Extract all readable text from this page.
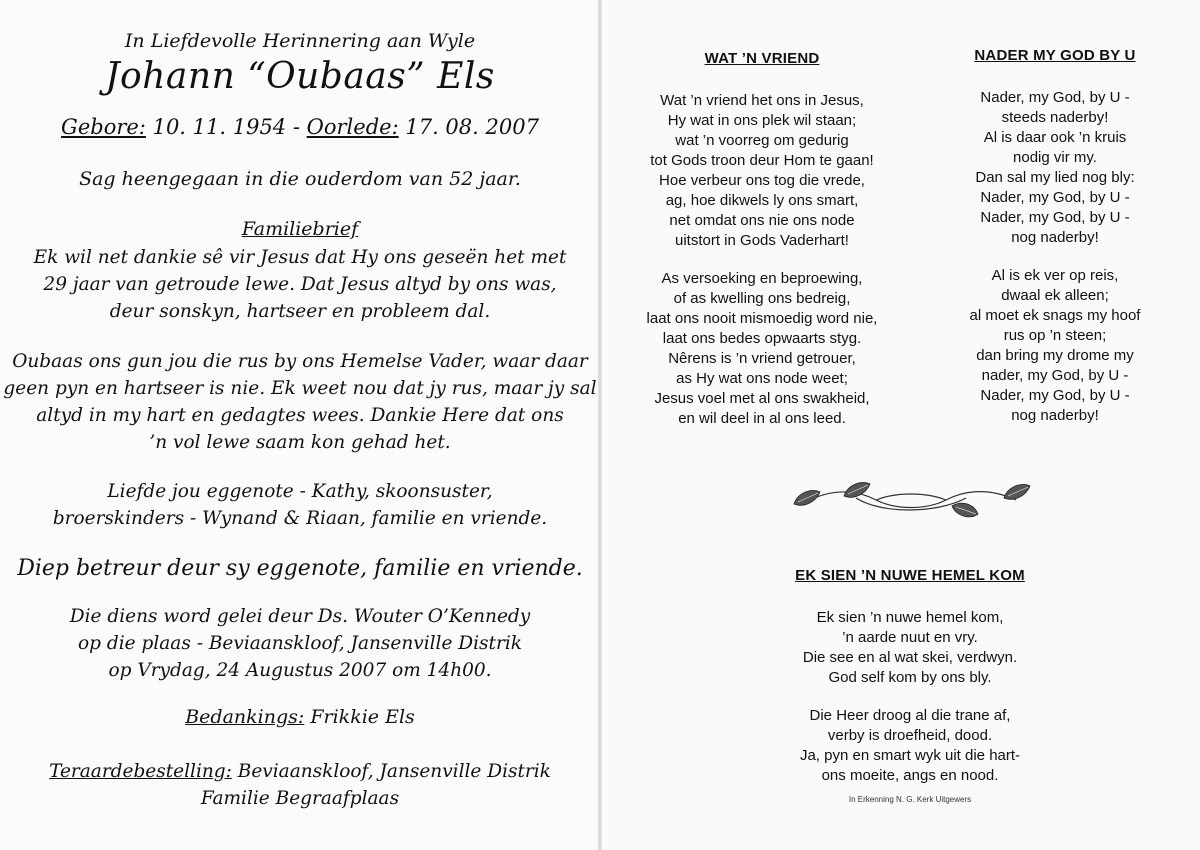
In Liefdevolle Herinnering aan Wyle
Johann “Oubaas” Els
Gebore: 10. 11. 1954 - Oorlede: 17. 08. 2007
Sag heengegaan in die ouderdom van 52 jaar.
Familiebrief
Ek wil net dankie sê vir Jesus dat Hy ons geseën het met
29 jaar van getroude lewe. Dat Jesus altyd by ons was,
deur sonskyn, hartseer en probleem dal.
Oubaas ons gun jou die rus by ons Hemelse Vader, waar daar
geen pyn en hartseer is nie. Ek weet nou dat jy rus, maar jy sal
altyd in my hart en gedagtes wees. Dankie Here dat ons
’n vol lewe saam kon gehad het.
Liefde jou eggenote - Kathy, skoonsuster,
broerskinders - Wynand & Riaan, familie en vriende.
Diep betreur deur sy eggenote, familie en vriende.
Die diens word gelei deur Ds. Wouter O’Kennedy
op die plaas - Beviaanskloof, Jansenville Distrik
op Vrydag, 24 Augustus 2007 om 14h00.
Bedankings: Frikkie Els
Teraardebestelling: Beviaanskloof, Jansenville Distrik
Familie Begraafplaas
WAT ’N VRIEND
Wat ’n vriend het ons in Jesus,
Hy wat in ons plek wil staan;
wat ’n voorreg om gedurig
tot Gods troon deur Hom te gaan!
Hoe verbeur ons tog die vrede,
ag, hoe dikwels ly ons smart,
net omdat ons nie ons node
uitstort in Gods Vaderhart!
As versoeking en beproewing,
of as kwelling ons bedreig,
laat ons nooit mismoedig word nie,
laat ons bedes opwaarts styg.
Nêrens is ’n vriend getrouer,
as Hy wat ons node weet;
Jesus voel met al ons swakheid,
en wil deel in al ons leed.
NADER MY GOD BY U
Nader, my God, by U -
steeds naderby!
Al is daar ook ’n kruis
nodig vir my.
Dan sal my lied nog bly:
Nader, my God, by U -
Nader, my God, by U -
nog naderby!
Al is ek ver op reis,
dwaal ek alleen;
al moet ek snags my hoof
rus op ’n steen;
dan bring my drome my
nader, my God, by U -
Nader, my God, by U -
nog naderby!
EK SIEN ’N NUWE HEMEL KOM
Ek sien ’n nuwe hemel kom,
’n aarde nuut en vry.
Die see en al wat skei, verdwyn.
God self kom by ons bly.
Die Heer droog al die trane af,
verby is droefheid, dood.
Ja, pyn en smart wyk uit die hart-
ons moeite, angs en nood.
In Erkenning N. G. Kerk Uitgewers
